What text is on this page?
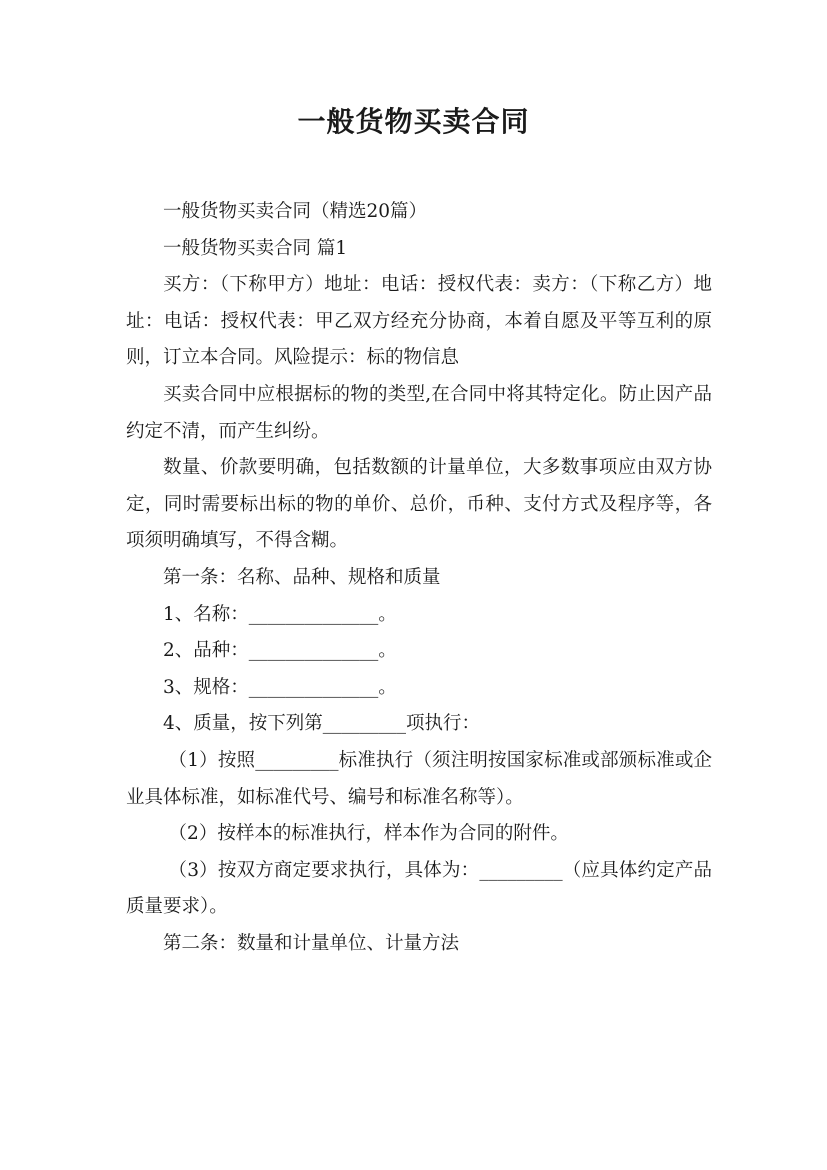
一般货物买卖合同

一般货物买卖合同（精选20篇）

一般货物买卖合同 篇1

买方：（下称甲方）地址：电话：授权代表：卖方：（下称乙方）地址：电话：授权代表：甲乙双方经充分协商，本着自愿及平等互利的原则，订立本合同。风险提示：标的物信息

买卖合同中应根据标的物的类型,在合同中将其特定化。防止因产品约定不清，而产生纠纷。

数量、价款要明确，包括数额的计量单位，大多数事项应由双方协定，同时需要标出标的物的单价、总价，币种、支付方式及程序等，各项须明确填写，不得含糊。

第一条：名称、品种、规格和质量

1、名称：______________。

2、品种：______________。

3、规格：______________。

4、质量，按下列第_________项执行：

（1）按照_________标准执行（须注明按国家标准或部颁标准或企业具体标准，如标准代号、编号和标准名称等）。

（2）按样本的标准执行，样本作为合同的附件。

（3）按双方商定要求执行，具体为：_________（应具体约定产品质量要求）。

第二条：数量和计量单位、计量方法
